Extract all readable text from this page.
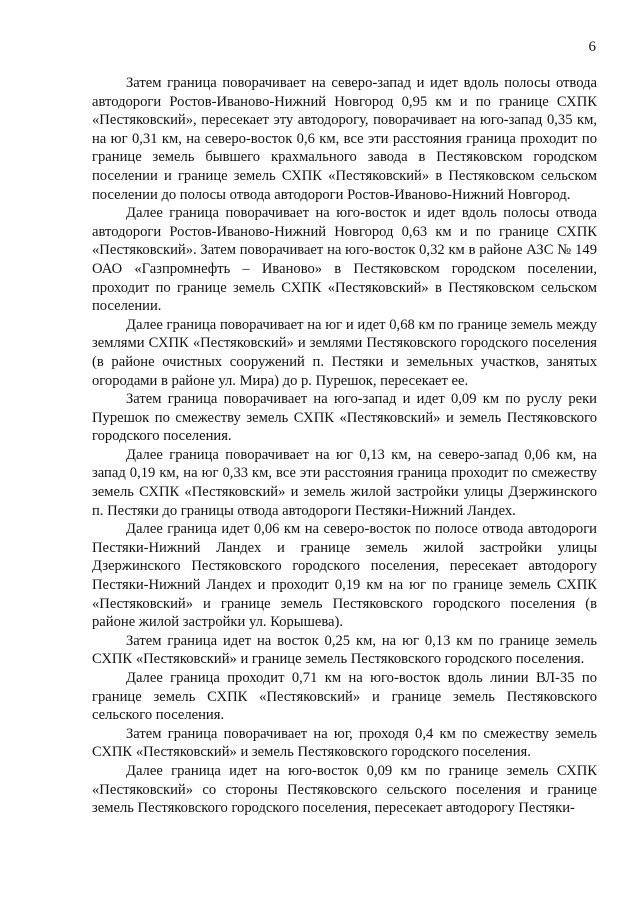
6

Затем граница поворачивает на северо-запад и идет вдоль полосы отвода автодороги Ростов-Иваново-Нижний Новгород 0,95 км и по границе СХПК «Пестяковский», пересекает эту автодорогу, поворачивает на юго-запад 0,35 км, на юг 0,31 км, на северо-восток 0,6 км, все эти расстояния граница проходит по границе земель бывшего крахмального завода в Пестяковском городском поселении и границе земель СХПК «Пестяковский» в Пестяковском сельском поселении до полосы отвода автодороги Ростов-Иваново-Нижний Новгород.

Далее граница поворачивает на юго-восток и идет вдоль полосы отвода автодороги Ростов-Иваново-Нижний Новгород 0,63 км и по границе СХПК «Пестяковский». Затем поворачивает на юго-восток 0,32 км в районе АЗС № 149 ОАО «Газпромнефть – Иваново» в Пестяковском городском поселении, проходит по границе земель СХПК «Пестяковский» в Пестяковском сельском поселении.

Далее граница поворачивает на юг и идет 0,68 км по границе земель между землями СХПК «Пестяковский» и землями Пестяковского городского поселения (в районе очистных сооружений п. Пестяки и земельных участков, занятых огородами в районе ул. Мира) до р. Пурешок, пересекает ее.

Затем граница поворачивает на юго-запад и идет 0,09 км по руслу реки Пурешок по смежеству земель СХПК «Пестяковский» и земель Пестяковского городского поселения.

Далее граница поворачивает на юг 0,13 км, на северо-запад 0,06 км, на запад 0,19 км, на юг 0,33 км, все эти расстояния граница проходит по смежеству земель СХПК «Пестяковский» и земель жилой застройки улицы Дзержинского п. Пестяки до границы отвода автодороги Пестяки-Нижний Ландех.

Далее граница идет 0,06 км на северо-восток по полосе отвода автодороги Пестяки-Нижний Ландех и границе земель жилой застройки улицы Дзержинского Пестяковского городского поселения, пересекает автодорогу Пестяки-Нижний Ландех и проходит 0,19 км на юг по границе земель СХПК «Пестяковский» и границе земель Пестяковского городского поселения (в районе жилой застройки ул. Корышева).

Затем граница идет на восток 0,25 км, на юг 0,13 км по границе земель СХПК «Пестяковский» и границе земель Пестяковского городского поселения.

Далее граница проходит 0,71 км на юго-восток вдоль линии ВЛ-35 по границе земель СХПК «Пестяковский» и границе земель Пестяковского сельского поселения.

Затем граница поворачивает на юг, проходя 0,4 км по смежеству земель СХПК «Пестяковский» и земель Пестяковского городского поселения.

Далее граница идет на юго-восток 0,09 км по границе земель СХПК «Пестяковский» со стороны Пестяковского сельского поселения и границе земель Пестяковского городского поселения, пересекает автодорогу Пестяки-
